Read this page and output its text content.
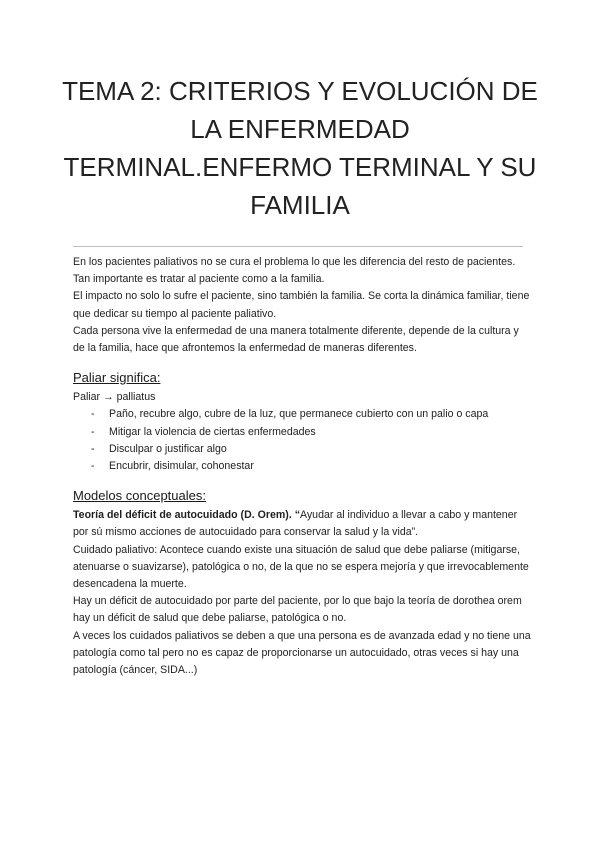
TEMA 2: CRITERIOS Y EVOLUCIÓN DE
LA ENFERMEDAD
TERMINAL.ENFERMO TERMINAL Y SU
FAMILIA

En los pacientes paliativos no se cura el problema lo que les diferencia del resto de pacientes.

Tan importante es tratar al paciente como a la familia.

El impacto no solo lo sufre el paciente, sino también la familia. Se corta la dinámica familiar, tiene que dedicar su tiempo al paciente paliativo.

Cada persona vive la enfermedad de una manera totalmente diferente, depende de la cultura y de la familia, hace que afrontemos la enfermedad de maneras diferentes.

Paliar significa:

Paliar → palliatus

- Paño, recubre algo, cubre de la luz, que permanece cubierto con un palio o capa
- Mitigar la violencia de ciertas enfermedades
- Disculpar o justificar algo
- Encubrir, disimular, cohonestar
Modelos conceptuales:

Teoría del déficit de autocuidado (D. Orem). “Ayudar al individuo a llevar a cabo y mantener por sú mismo acciones de autocuidado para conservar la salud y la vida”.

Cuidado paliativo: Acontece cuando existe una situación de salud que debe paliarse (mitigarse, atenuarse o suavizarse), patológica o no, de la que no se espera mejoría y que irrevocablemente desencadena la muerte.

Hay un déficit de autocuidado por parte del paciente, por lo que bajo la teoría de dorothea orem hay un déficit de salud que debe paliarse, patológica o no.

A veces los cuidados paliativos se deben a que una persona es de avanzada edad y no tiene una patología como tal pero no es capaz de proporcionarse un autocuidado, otras veces si hay una patología (cáncer, SIDA...)
